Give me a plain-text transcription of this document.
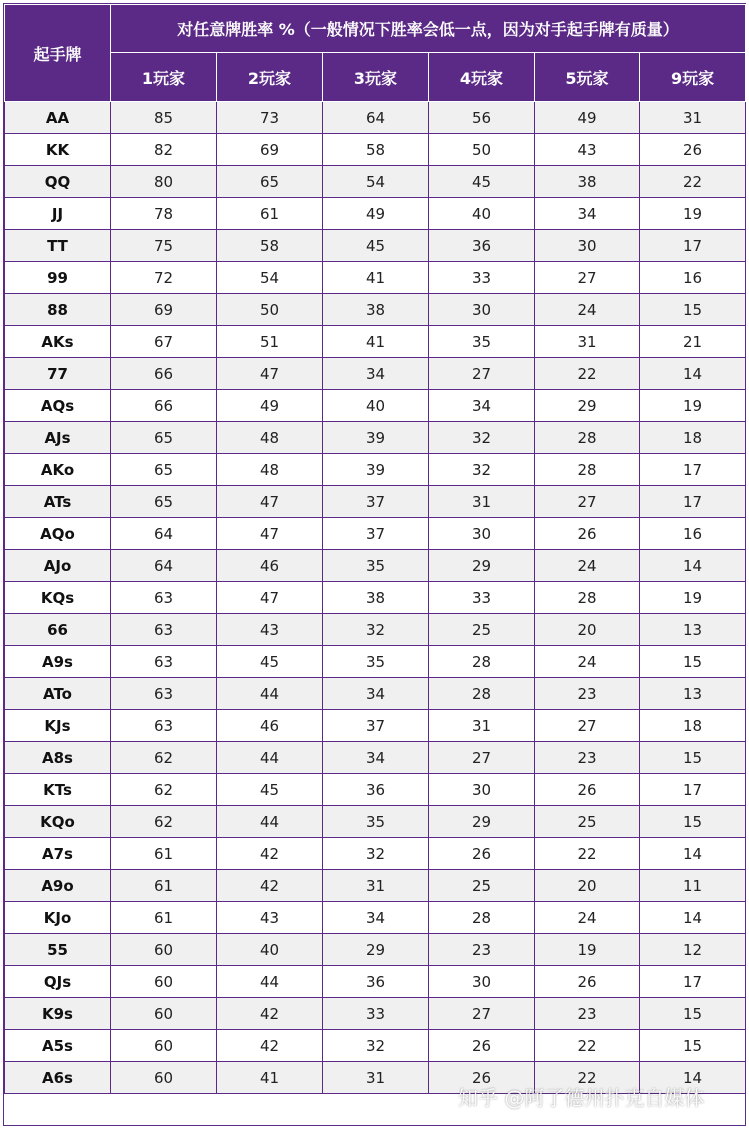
起手牌	对任意牌胜率 %（一般情况下胜率会低一点，因为对手起手牌有质量）					
	1玩家	2玩家	3玩家	4玩家	5玩家	9玩家
AA	85	73	64	56	49	31
KK	82	69	58	50	43	26
QQ	80	65	54	45	38	22
JJ	78	61	49	40	34	19
TT	75	58	45	36	30	17
99	72	54	41	33	27	16
88	69	50	38	30	24	15
AKs	67	51	41	35	31	21
77	66	47	34	27	22	14
AQs	66	49	40	34	29	19
AJs	65	48	39	32	28	18
AKo	65	48	39	32	28	17
ATs	65	47	37	31	27	17
AQo	64	47	37	30	26	16
AJo	64	46	35	29	24	14
KQs	63	47	38	33	28	19
66	63	43	32	25	20	13
A9s	63	45	35	28	24	15
ATo	63	44	34	28	23	13
KJs	63	46	37	31	27	18
A8s	62	44	34	27	23	15
KTs	62	45	36	30	26	17
KQo	62	44	35	29	25	15
A7s	61	42	32	26	22	14
A9o	61	42	31	25	20	11
KJo	61	43	34	28	24	14
55	60	40	29	23	19	12
QJs	60	44	36	30	26	17
K9s	60	42	33	27	23	15
A5s	60	42	32	26	22	15
A6s	60	41	31	26	22	14
知乎 @阿了德州扑克自媒体
